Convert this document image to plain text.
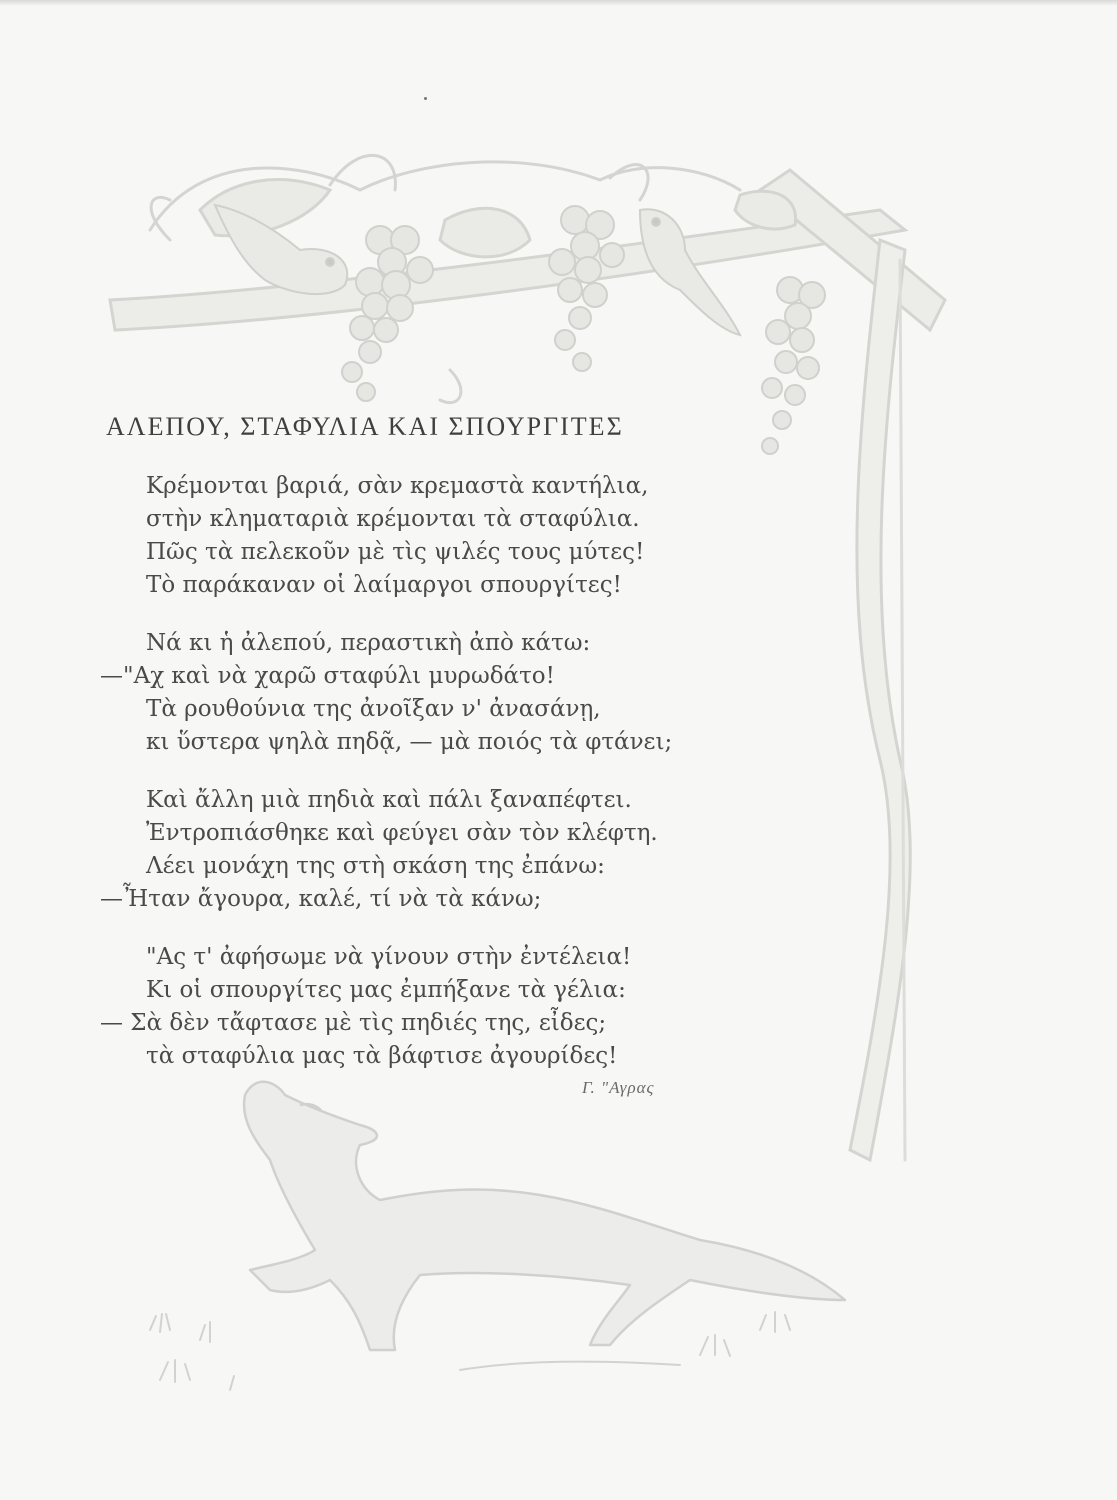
ΑΛΕΠΟΥ, ΣΤΑΦΥΛΙΑ ΚΑΙ ΣΠΟΥΡΓΙΤΕΣ
Κρέμονται βαριά, σὰν κρεμαστὰ καντήλια,
στὴν κληματαριὰ κρέμονται τὰ σταφύλια.
Πῶς τὰ πελεκοῦν μὲ τὶς ψιλές τους μύτες!
Τὸ παράκαναν οἱ λαίμαργοι σπουργίτες!
Νά κι ἡ ἀλεπού, περαστικὴ ἀπὸ κάτω:
—"Αχ καὶ νὰ χαρῶ σταφύλι μυρωδάτο!
Τὰ ρουθούνια της ἀνοῖξαν ν' ἀνασάνῃ,
κι ὕστερα ψηλὰ πηδᾷ, — μὰ ποιός τὰ φτάνει;
Καὶ ἄλλη μιὰ πηδιὰ καὶ πάλι ξαναπέφτει.
Ἐντροπιάσθηκε καὶ φεύγει σὰν τὸν κλέφτη.
Λέει μονάχη της στὴ σκάση της ἐπάνω:
—Ἦταν ἄγουρα, καλέ, τί νὰ τὰ κάνω;
"Ας τ' ἀφήσωμε νὰ γίνουν στὴν ἐντέλεια!
Κι οἱ σπουργίτες μας ἐμπήξανε τὰ γέλια:
— Σὰ δὲν τἄφτασε μὲ τὶς πηδιές της, εἶδες;
τὰ σταφύλια μας τὰ βάφτισε ἀγουρίδες!
Γ. "Αγρας
